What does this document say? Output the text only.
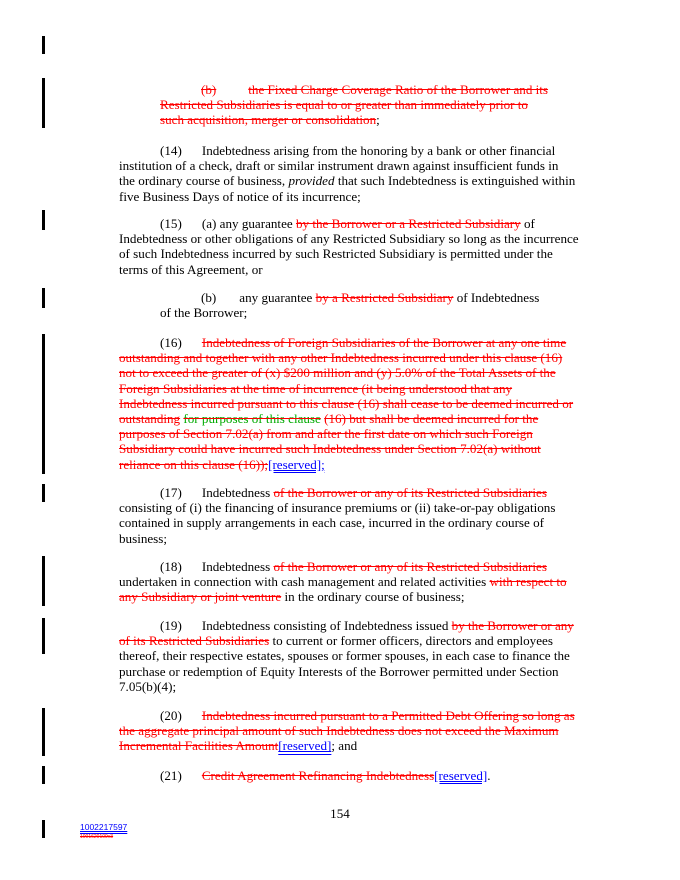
(b) the Fixed Charge Coverage Ratio of the Borrower and its
Restricted Subsidiaries is equal to or greater than immediately prior to
such acquisition, merger or consolidation;
(14) Indebtedness arising from the honoring by a bank or other financial
institution of a check, draft or similar instrument drawn against insufficient funds in
the ordinary course of business, provided that such Indebtedness is extinguished within
five Business Days of notice of its incurrence;
(15) (a) any guarantee by the Borrower or a Restricted Subsidiary of
Indebtedness or other obligations of any Restricted Subsidiary so long as the incurrence
of such Indebtedness incurred by such Restricted Subsidiary is permitted under the
terms of this Agreement, or
(b) any guarantee by a Restricted Subsidiary of Indebtedness
of the Borrower;
(16) Indebtedness of Foreign Subsidiaries of the Borrower at any one time
outstanding and together with any other Indebtedness incurred under this clause (16)
not to exceed the greater of (x) $200 million and (y) 5.0% of the Total Assets of the
Foreign Subsidiaries at the time of incurrence (it being understood that any
Indebtedness incurred pursuant to this clause (16) shall cease to be deemed incurred or
outstanding for purposes of this clause (16) but shall be deemed incurred for the
purposes of Section 7.02(a) from and after the first date on which such Foreign
Subsidiary could have incurred such Indebtedness under Section 7.02(a) without
reliance on this clause (16));[reserved];
(17) Indebtedness of the Borrower or any of its Restricted Subsidiaries
consisting of (i) the financing of insurance premiums or (ii) take-or-pay obligations
contained in supply arrangements in each case, incurred in the ordinary course of
business;
(18) Indebtedness of the Borrower or any of its Restricted Subsidiaries
undertaken in connection with cash management and related activities with respect to
any Subsidiary or joint venture in the ordinary course of business;
(19) Indebtedness consisting of Indebtedness issued by the Borrower or any
of its Restricted Subsidiaries to current or former officers, directors and employees
thereof, their respective estates, spouses or former spouses, in each case to finance the
purchase or redemption of Equity Interests of the Borrower permitted under Section
7.05(b)(4);
(20) Indebtedness incurred pursuant to a Permitted Debt Offering so long as
the aggregate principal amount of such Indebtedness does not exceed the Maximum
Incremental Facilities Amount[reserved]; and
(21) Credit Agreement Refinancing Indebtedness[reserved].
154
1002217597
1001620109v3
